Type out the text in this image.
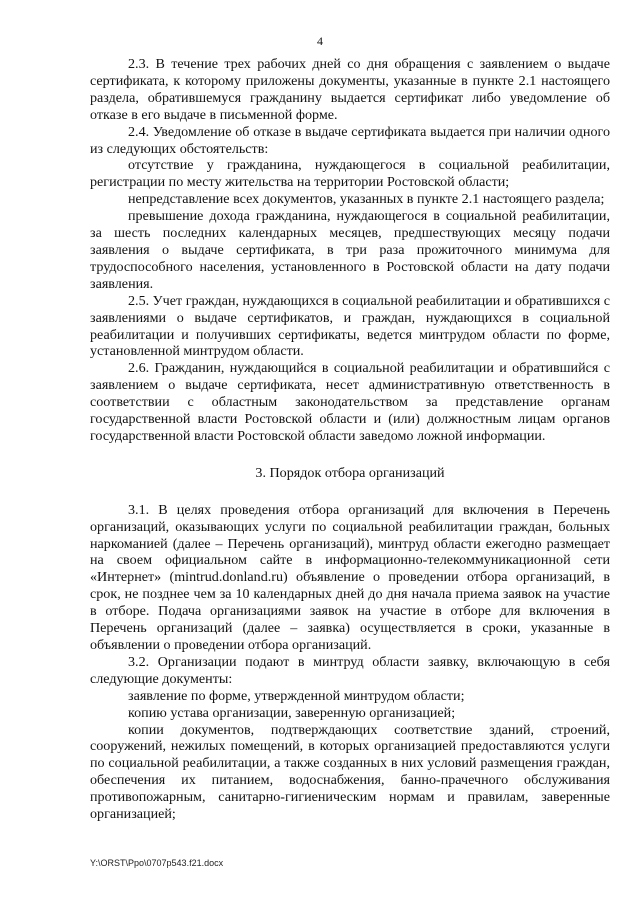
4

2.3. В течение трех рабочих дней со дня обращения с заявлением о выдаче сертификата, к которому приложены документы, указанные в пункте 2.1 настоящего раздела, обратившемуся гражданину выдается сертификат либо уведомление об отказе в его выдаче в письменной форме.

2.4. Уведомление об отказе в выдаче сертификата выдается при наличии одного из следующих обстоятельств:

отсутствие у гражданина, нуждающегося в социальной реабилитации, регистрации по месту жительства на территории Ростовской области;

непредставление всех документов, указанных в пункте 2.1 настоящего раздела;

превышение дохода гражданина, нуждающегося в социальной реабилитации, за шесть последних календарных месяцев, предшествующих месяцу подачи заявления о выдаче сертификата, в три раза прожиточного минимума для трудоспособного населения, установленного в Ростовской области на дату подачи заявления.

2.5. Учет граждан, нуждающихся в социальной реабилитации и обратившихся с заявлениями о выдаче сертификатов, и граждан, нуждающихся в социальной реабилитации и получивших сертификаты, ведется минтрудом области по форме, установленной минтрудом области.

2.6. Гражданин, нуждающийся в социальной реабилитации и обратившийся с заявлением о выдаче сертификата, несет административную ответственность в соответствии с областным законодательством за представление органам государственной власти Ростовской области и (или) должностным лицам органов государственной власти Ростовской области заведомо ложной информации.

3. Порядок отбора организаций

3.1. В целях проведения отбора организаций для включения в Перечень организаций, оказывающих услуги по социальной реабилитации граждан, больных наркоманией (далее – Перечень организаций), минтруд области ежегодно размещает на своем официальном сайте в информационно-телекоммуникационной сети «Интернет» (mintrud.donland.ru) объявление о проведении отбора организаций, в срок, не позднее чем за 10 календарных дней до дня начала приема заявок на участие в отборе. Подача организациями заявок на участие в отборе для включения в Перечень организаций (далее – заявка) осуществляется в сроки, указанные в объявлении о проведении отбора организаций.

3.2. Организации подают в минтруд области заявку, включающую в себя следующие документы:

заявление по форме, утвержденной минтрудом области;

копию устава организации, заверенную организацией;

копии документов, подтверждающих соответствие зданий, строений, сооружений, нежилых помещений, в которых организацией предоставляются услуги по социальной реабилитации, а также созданных в них условий размещения граждан, обеспечения их питанием, водоснабжения, банно-прачечного обслуживания противопожарным, санитарно-гигиеническим нормам и правилам, заверенные организацией;

Y:\ORST\Ppo\0707p543.f21.docx
